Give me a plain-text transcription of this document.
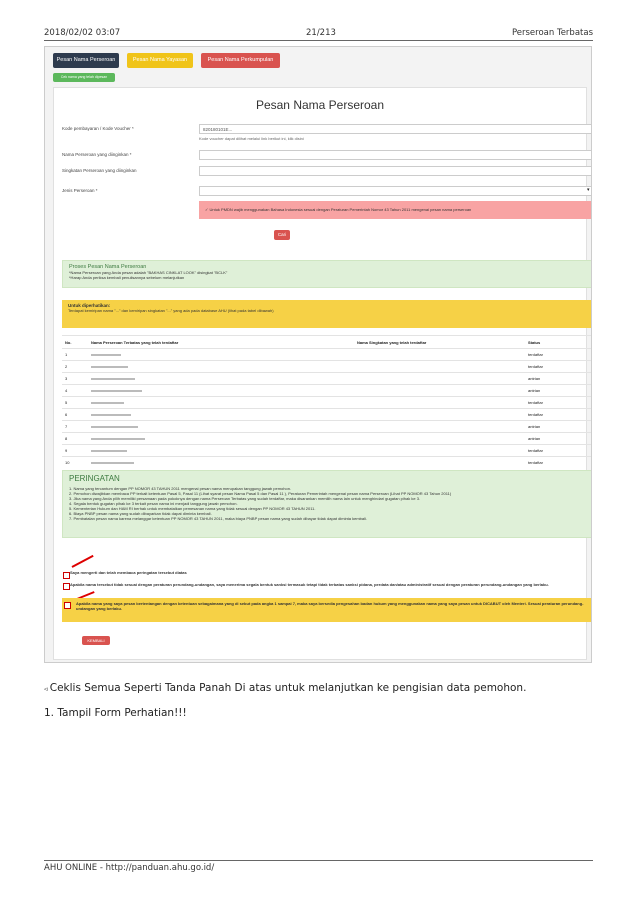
2018/02/02 03:07	21/213	Perseroan Terbatas
Pesan Nama Perseroan	Pesan Nama Yayasan	Pesan Nama Perkumpulan
Cek nama yang telah dipesan
Pesan Nama Perseroan
Kode pembayaran / Kode Voucher *	820180101E...
Kode voucher dapat dilihat melalui link berikut ini, klik disini
Nama Perseroan yang diinginkan *
Singkatan Perseroan yang diinginkan
Jenis Perseroan *	▾
✓ Untuk PMDN wajib menggunakan Bahasa Indonesia sesuai dengan Peraturan Pemerintah Nomor 43 Tahun 2011 mengenai pesan nama perseroan
Cari
Proses Pesan Nama Perseroan
*Nama Perseroan yang Anda pesan adalah "BAKHAS CINKLAT LOOK" disingkat "BCLK"
*Harap Anda periksa kembali penulisannya sebelum melanjutkan
Untuk diperhatikan:
Terdapat kemiripan nama "..." dan kemiripan singkatan "..." yang ada pada database AHU (lihat pada tabel dibawah)
No.	Nama Perseroan Terbatas yang telah terdaftar	Nama Singkatan yang telah terdaftar	Status
1			terdaftar
2			terdaftar
3			antrian
4			antrian
5			terdaftar
6			terdaftar
7			antrian
8			antrian
9			terdaftar
10			terdaftar
PERINGATAN
1. Nama yang tercantum dengan PP NOMOR 43 TAHUN 2011 mengenai pesan nama merupakan tanggung jawab pemohon.
2. Pemohon diwajibkan membaca PP terkait ketentuan Pasal 5, Pasal 11 (Lihat syarat pesan Nama Pasal 5 dan Pasal 11 ), Peraturan Pemerintah mengenai pesan nama Perseroan (Lihat PP NOMOR 43 Tahun 2011)
3. Jika nama yang Anda pilih memiliki persamaan pada pokoknya dengan nama Perseroan Terbatas yang sudah terdaftar, maka disarankan memilih nama lain untuk menghindari gugatan pihak ke 3.
4. Segala bentuk gugatan pihak ke 3 terkait pesan nama ini menjadi tanggung jawab pemohon.
5. Kementerian Hukum dan HAM RI berhak untuk membatalkan pemesanan nama yang tidak sesuai dengan PP NOMOR 43 TAHUN 2011.
6. Biaya PNBP pesan nama yang sudah dibayarkan tidak dapat diminta kembali.
7. Pembatalan pesan nama karena melanggar ketentuan PP NOMOR 43 TAHUN 2011, maka biaya PNBP pesan nama yang sudah dibayar tidak dapat diminta kembali.
Saya mengerti dan telah membaca peringatan tersebut diatas
Apabila nama tersebut tidak sesuai dengan peraturan perundang-undangan, saya menerima segala bentuk sanksi termasuk tetapi tidak terbatas sanksi pidana, perdata dan/atau administratif sesuai dengan peraturan perundang-undangan yang berlaku.
Apabila nama yang saya pesan bertentangan dengan ketentuan sebagaimana yang di sebut pada angka 1 sampai 7, maka saya bersedia pengesahan badan hukum yang menggunakan nama yang saya pesan untuk DICABUT oleh Menteri. Sesuai peraturan perundang-undangan yang berlaku.
KEMBALI
◃ Ceklis Semua Seperti Tanda Panah Di atas untuk melanjutkan ke pengisian data pemohon.
1. Tampil Form Perhatian!!!
AHU ONLINE - http://panduan.ahu.go.id/
